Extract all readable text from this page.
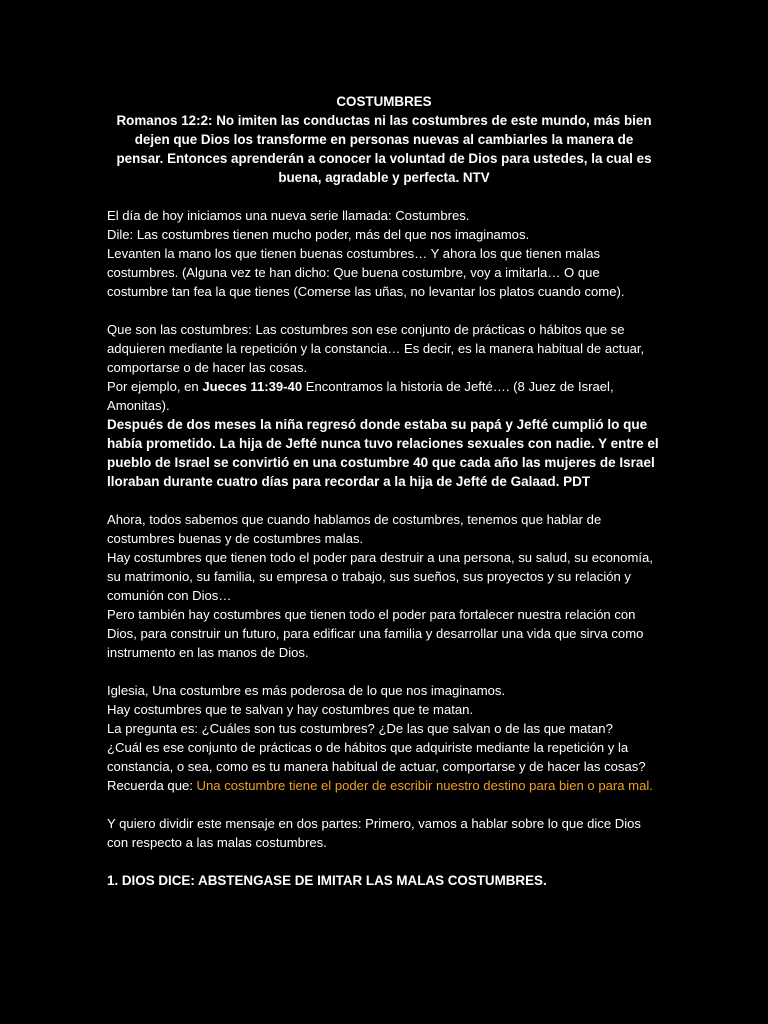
COSTUMBRES

Romanos 12:2: No imiten las conductas ni las costumbres de este mundo, más bien dejen que Dios los transforme en personas nuevas al cambiarles la manera de pensar. Entonces aprenderán a conocer la voluntad de Dios para ustedes, la cual es buena, agradable y perfecta. NTV

El día de hoy iniciamos una nueva serie llamada: Costumbres.
Dile: Las costumbres tienen mucho poder, más del que nos imaginamos.
Levanten la mano los que tienen buenas costumbres… Y ahora los que tienen malas costumbres. (Alguna vez te han dicho: Que buena costumbre, voy a imitarla… O que costumbre tan fea la que tienes (Comerse las uñas, no levantar los platos cuando come).
Que son las costumbres: Las costumbres son ese conjunto de prácticas o hábitos que se adquieren mediante la repetición y la constancia… Es decir, es la manera habitual de actuar, comportarse o de hacer las cosas.
Por ejemplo, en Jueces 11:39-40 Encontramos la historia de Jefté…. (8 Juez de Israel, Amonitas).
Después de dos meses la niña regresó donde estaba su papá y Jefté cumplió lo que había prometido. La hija de Jefté nunca tuvo relaciones sexuales con nadie. Y entre el pueblo de Israel se convirtió en una costumbre 40 que cada año las mujeres de Israel lloraban durante cuatro días para recordar a la hija de Jefté de Galaad. PDT
Ahora, todos sabemos que cuando hablamos de costumbres, tenemos que hablar de costumbres buenas y de costumbres malas.
Hay costumbres que tienen todo el poder para destruir a una persona, su salud, su economía, su matrimonio, su familia, su empresa o trabajo, sus sueños, sus proyectos y su relación y comunión con Dios…
Pero también hay costumbres que tienen todo el poder para fortalecer nuestra relación con Dios, para construir un futuro, para edificar una familia y desarrollar una vida que sirva como instrumento en las manos de Dios.
Iglesia, Una costumbre es más poderosa de lo que nos imaginamos.
Hay costumbres que te salvan y hay costumbres que te matan.
La pregunta es: ¿Cuáles son tus costumbres? ¿De las que salvan o de las que matan?
¿Cuál es ese conjunto de prácticas o de hábitos que adquiriste mediante la repetición y la constancia, o sea, como es tu manera habitual de actuar, comportarse y de hacer las cosas? Recuerda que: Una costumbre tiene el poder de escribir nuestro destino para bien o para mal.
Y quiero dividir este mensaje en dos partes: Primero, vamos a hablar sobre lo que dice Dios con respecto a las malas costumbres.
1. DIOS DICE: ABSTENGASE DE IMITAR LAS MALAS COSTUMBRES.
